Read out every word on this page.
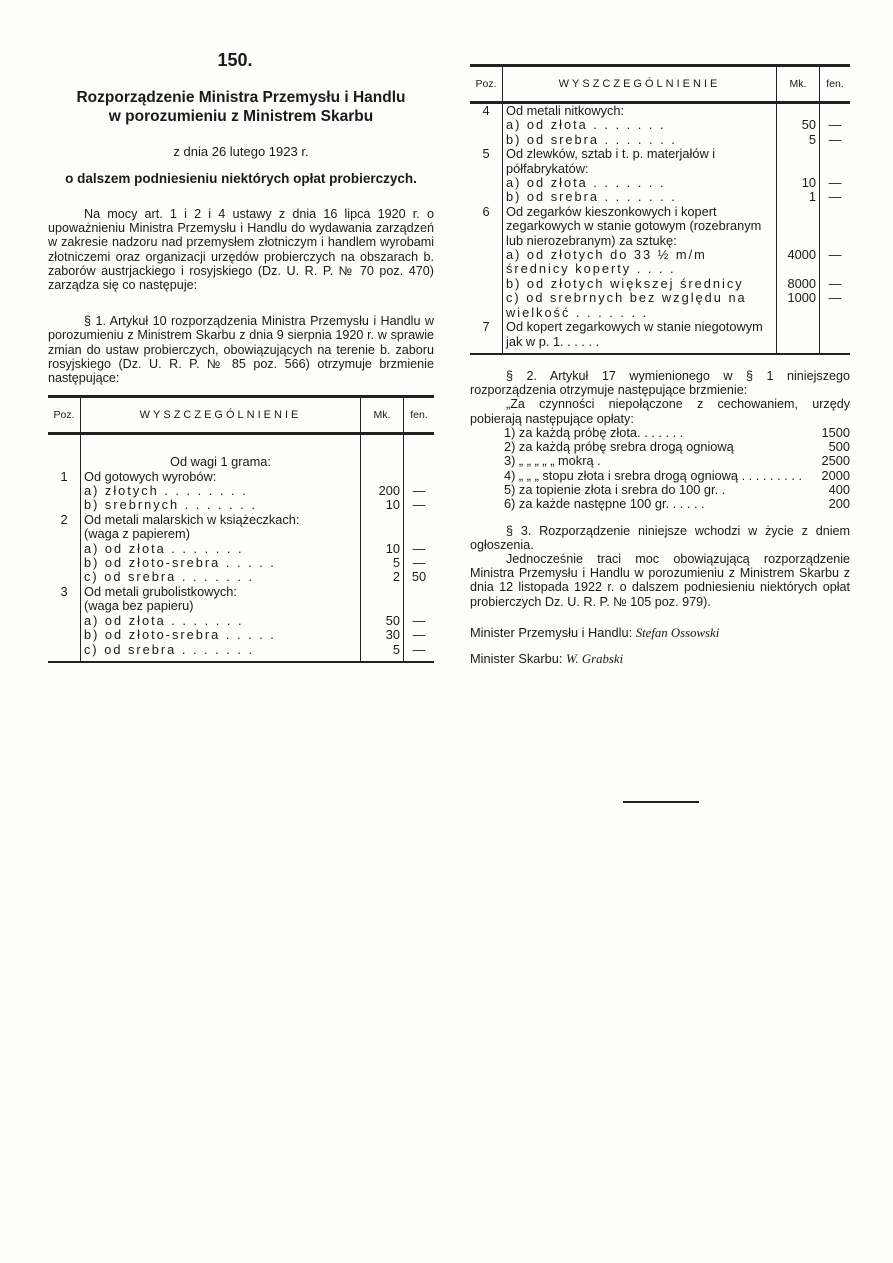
150.

Rozporządzenie Ministra Przemysłu i Handlu
w porozumieniu z Ministrem Skarbu

z dnia 26 lutego 1923 r.

o dalszem podniesieniu niektórych opłat probierczych.

Na mocy art. 1 i 2 i 4 ustawy z dnia 16 lipca 1920 r. o upoważnieniu Ministra Przemysłu i Handlu do wydawania zarządzeń w zakresie nadzoru nad przemysłem złotniczym i handlem wyrobami złotniczemi oraz organizacji urzędów probierczych na obszarach b. zaborów austrjackiego i rosyjskiego (Dz. U. R. P. № 70 poz. 470) zarządza się co następuje:

§ 1. Artykuł 10 rozporządzenia Ministra Przemysłu i Handlu w porozumieniu z Ministrem Skarbu z dnia 9 sierpnia 1920 r. w sprawie zmian do ustaw probierczych, obowiązujących na terenie b. zaboru rosyjskiego (Dz. U. R. P. № 85 poz. 566) otrzymuje brzmienie następujące:

Poz.	WYSZCZEGÓLNIENIE	Mk.	fen.
	Od wagi 1 grama:		
1	Od gotowych wyrobów:		
	a) złotych . . . . . . . .	200	—
	b) srebrnych . . . . . . .	10	—
2	Od metali malarskich w książeczkach:		
	(waga z papierem)		
	a) od złota . . . . . . .	10	—
	b) od złoto-srebra . . . . .	5	—
	c) od srebra . . . . . . .	2	50
3	Od metali grubolistkowych:		
	(waga bez papieru)		
	a) od złota . . . . . . .	50	—
	b) od złoto-srebra . . . . .	30	—
	c) od srebra . . . . . . .	5	—
Poz.	WYSZCZEGÓLNIENIE	Mk.	fen.
4	Od metali nitkowych:		
	a) od złota . . . . . . .	50	—
	b) od srebra . . . . . . .	5	—
5	Od zlewków, sztab i t. p. materjałów i półfabrykatów:		
	a) od złota . . . . . . .	10	—
	b) od srebra . . . . . . .	1	—
6	Od zegarków kieszonkowych i kopert zegarkowych w stanie gotowym (rozebranym lub nierozebranym) za sztukę:		
	a) od złotych do 33 ½ m/m średnicy koperty . . . .	4000	—
	b) od złotych większej średnicy	8000	—
	c) od srebrnych bez względu na wielkość . . . . . . .	1000	—
7	Od kopert zegarkowych w stanie niegotowym jak w p. 1. . . . . .		

§ 2. Artykuł 17 wymienionego w § 1 niniejszego rozporządzenia otrzymuje następujące brzmienie:

„Za czynności niepołączone z cechowaniem, urzędy pobierają następujące opłaty:

1) za każdą próbę złota. . . . . . .	1500
2) za każdą próbę srebra drogą ogniową	500
3) „ „ „ „ „ mokrą .	2500
4) „ „ „ stopu złota i srebra drogą ogniową . . . . . . . . .	2000
5) za topienie złota i srebra do 100 gr. .	400
6) za każde następne 100 gr. . . . . .	200

§ 3. Rozporządzenie niniejsze wchodzi w życie z dniem ogłoszenia.

Jednocześnie traci moc obowiązującą rozporządzenie Ministra Przemysłu i Handlu w porozumieniu z Ministrem Skarbu z dnia 12 listopada 1922 r. o dalszem podniesieniu niektórych opłat probierczych Dz. U. R. P. № 105 poz. 979).

Minister Przemysłu i Handlu: Stefan Ossowski

Minister Skarbu: W. Grabski
